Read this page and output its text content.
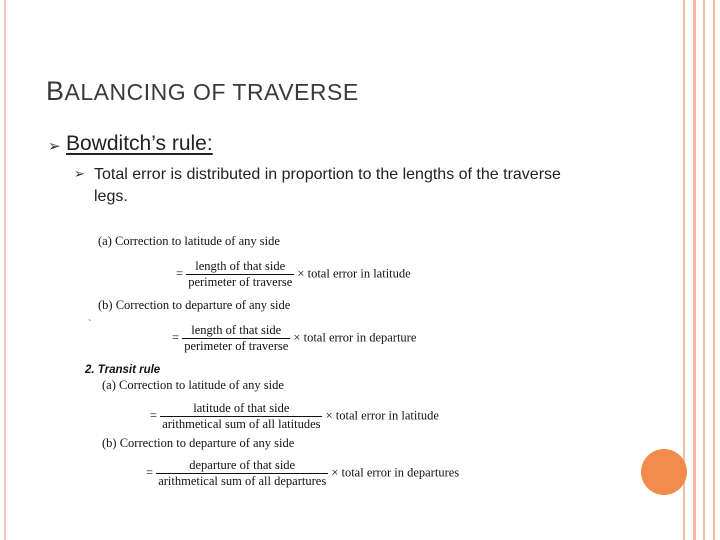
BALANCING OF TRAVERSE
➢ Bowditch’s rule:
➢ Total error is distributed in proportion to the lengths of the traverse legs.
(a) Correction to latitude of any side
= $\frac{\text{length of that side}}{\text{perimeter of traverse}}$ × total error in latitude
(b) Correction to departure of any side
`
= $\frac{\text{length of that side}}{\text{perimeter of traverse}}$ × total error in departure
2. Transit rule
(a) Correction to latitude of any side
= $\frac{\text{latitude of that side}}{\text{arithmetical sum of all latitudes}}$ × total error in latitude
(b) Correction to departure of any side
= $\frac{\text{departure of that side}}{\text{arithmetical sum of all departures}}$ × total error in departures
